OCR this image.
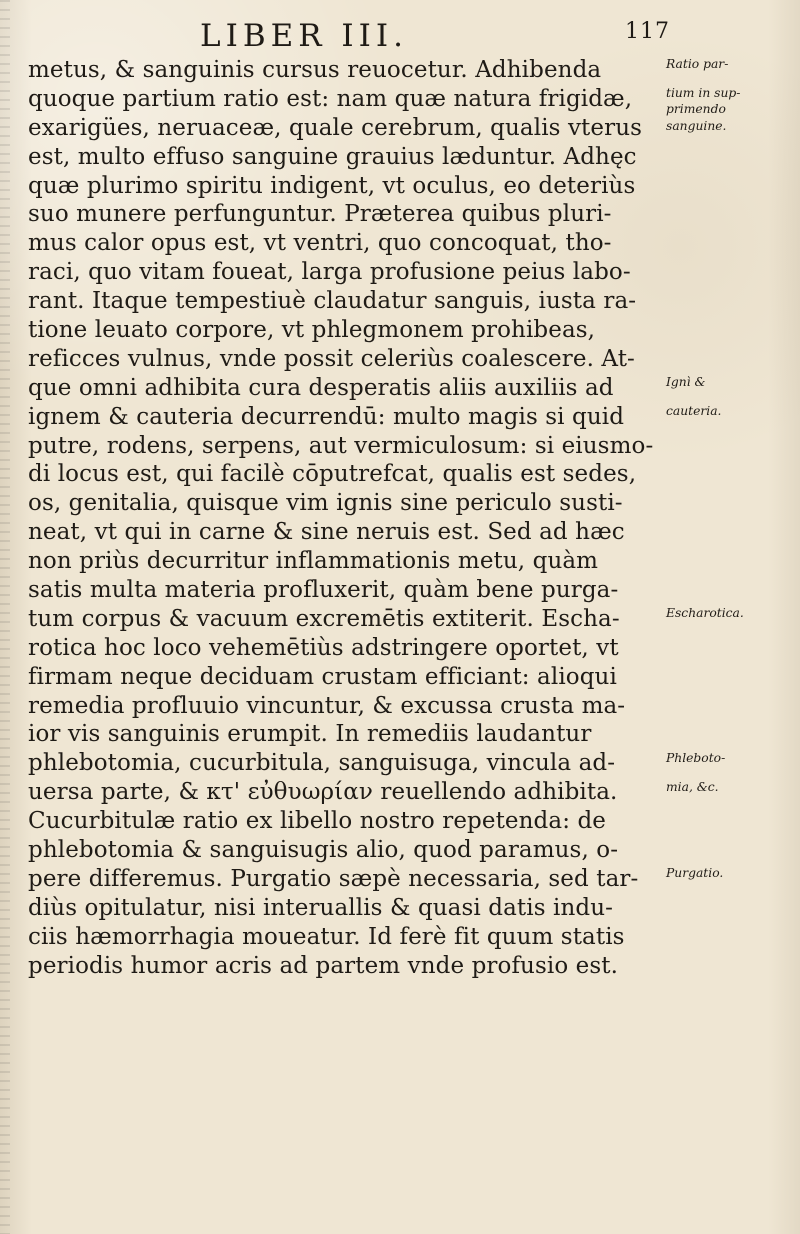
LIBER III.	117
metus, & sanguinis cursus reuocetur. Adhibenda
quoque partium ratio est: nam quæ natura frigidæ,
exarigües, neruaceæ, quale cerebrum, qualis vterus
est, multo effuso sanguine grauius læduntur. Adhęc
quæ plurimo spiritu indigent, vt oculus, eo deteriùs
suo munere perfunguntur. Præterea quibus pluri-
mus calor opus est, vt ventri, quo concoquat, tho-
raci, quo vitam foueat, larga profusione peius labo-
rant. Itaque tempestiuè claudatur sanguis, iusta ra-
tione leuato corpore, vt phlegmonem prohibeas,
reficces vulnus, vnde possit celeriùs coalescere. At-
que omni adhibita cura desperatis aliis auxiliis ad
ignem & cauteria decurrendū: multo magis si quid
putre, rodens, serpens, aut vermiculosum: si eiusmo-
di locus est, qui facilè cōputrefcat, qualis est sedes,
os, genitalia, quisque vim ignis sine periculo susti-
neat, vt qui in carne & sine neruis est. Sed ad hæc
non priùs decurritur inflammationis metu, quàm
satis multa materia profluxerit, quàm bene purga-
tum corpus & vacuum excremētis extiterit. Escha-
rotica hoc loco vehemētiùs adstringere oportet, vt
firmam neque deciduam crustam efficiant: alioqui
remedia profluuio vincuntur, & excussa crusta ma-
ior vis sanguinis erumpit. In remediis laudantur
phlebotomia, cucurbitula, sanguisuga, vincula ad-
uersa parte, & κτ' εὐθυωρίαν reuellendo adhibita.
Cucurbitulæ ratio ex libello nostro repetenda: de
phlebotomia & sanguisugis alio, quod paramus, o-
pere differemus. Purgatio sæpè necessaria, sed tar-
diùs opitulatur, nisi interuallis & quasi datis indu-
ciis hæmorrhagia moueatur. Id ferè fit quum statis
periodis humor acris ad partem vnde profusio est.
Ratio par-
tium in sup-
primendo
sanguine.
Ignì &
cauteria.
Escharotica.
Phleboto-
mia, &c.
Purgatio.
